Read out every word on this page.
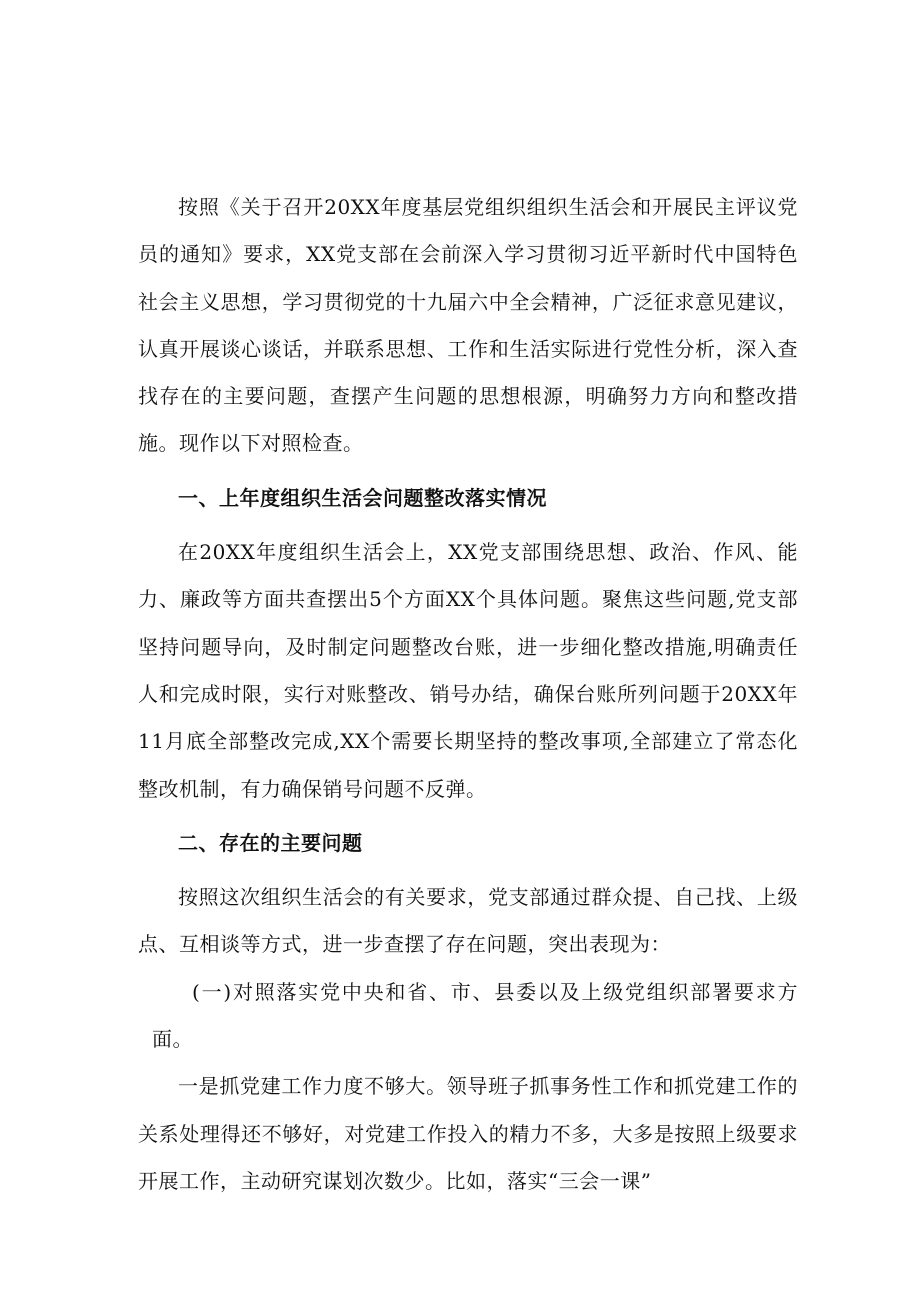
按照《关于召开20XX年度基层党组织组织生活会和开展民主评议党员的通知》要求，XX党支部在会前深入学习贯彻习近平新时代中国特色社会主义思想，学习贯彻党的十九届六中全会精神，广泛征求意见建议，认真开展谈心谈话，并联系思想、工作和生活实际进行党性分析，深入查找存在的主要问题，查摆产生问题的思想根源，明确努力方向和整改措施。现作以下对照检查。

一、上年度组织生活会问题整改落实情况

在20XX年度组织生活会上，XX党支部围绕思想、政治、作风、能力、廉政等方面共查摆出5个方面XX个具体问题。聚焦这些问题,党支部坚持问题导向，及时制定问题整改台账，进一步细化整改措施,明确责任人和完成时限，实行对账整改、销号办结，确保台账所列问题于20XX年11月底全部整改完成,XX个需要长期坚持的整改事项,全部建立了常态化整改机制，有力确保销号问题不反弹。

二、存在的主要问题

按照这次组织生活会的有关要求，党支部通过群众提、自己找、上级点、互相谈等方式，进一步查摆了存在问题，突出表现为：

(一)对照落实党中央和省、市、县委以及上级党组织部署要求方面。

一是抓党建工作力度不够大。领导班子抓事务性工作和抓党建工作的关系处理得还不够好，对党建工作投入的精力不多，大多是按照上级要求开展工作，主动研究谋划次数少。比如，落实“三会一课”
